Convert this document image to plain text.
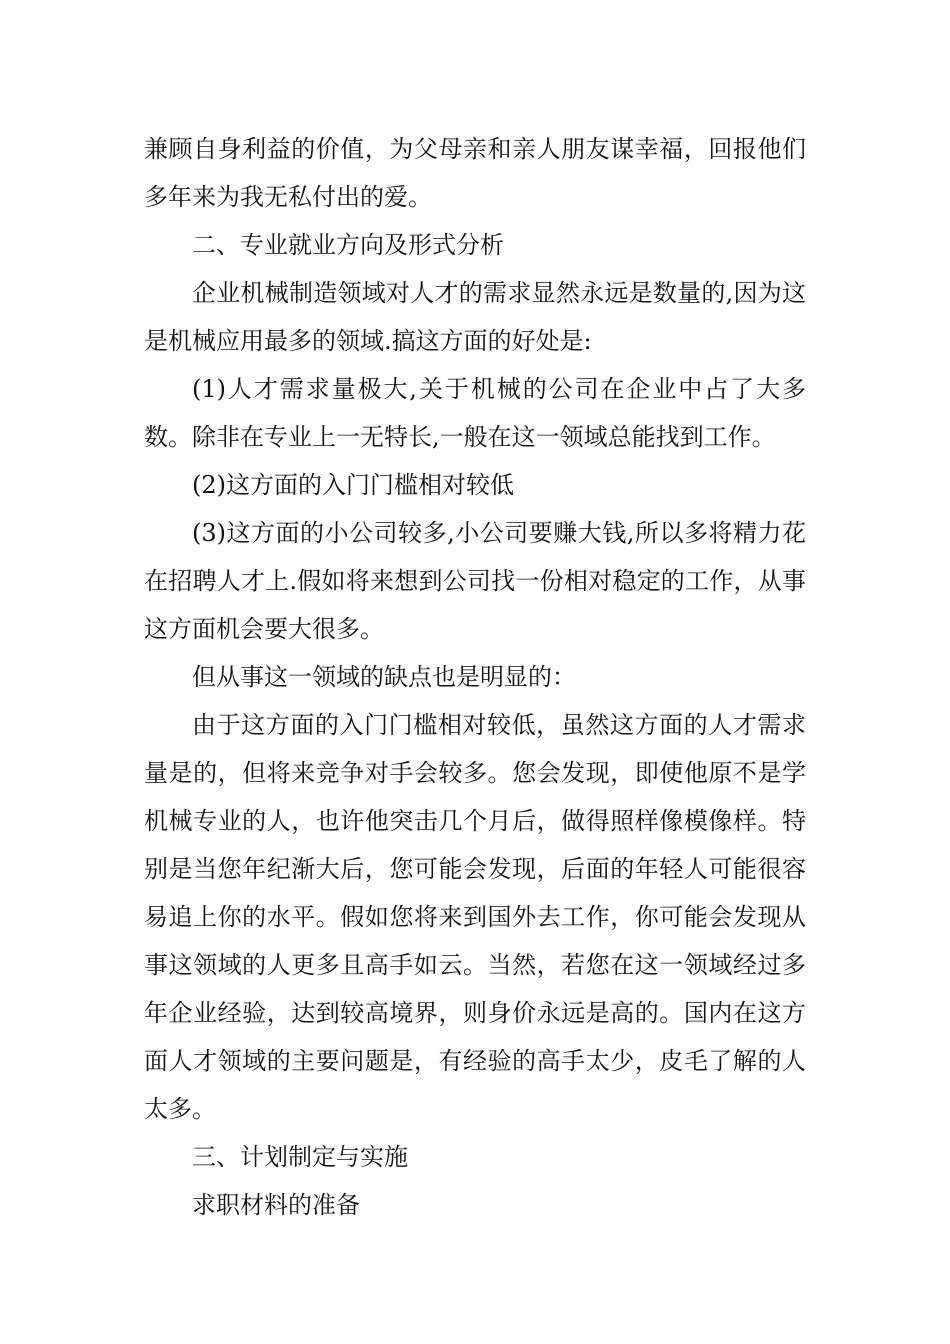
兼顾自身利益的价值，为父母亲和亲人朋友谋幸福，回报他们多年来为我无私付出的爱。

二、专业就业方向及形式分析

企业机械制造领域对人才的需求显然永远是数量的,因为这是机械应用最多的领域.搞这方面的好处是:

(1)人才需求量极大,关于机械的公司在企业中占了大多数。除非在专业上一无特长,一般在这一领域总能找到工作。

(2)这方面的入门门槛相对较低

(3)这方面的小公司较多,小公司要赚大钱,所以多将精力花在招聘人才上.假如将来想到公司找一份相对稳定的工作，从事这方面机会要大很多。

但从事这一领域的缺点也是明显的：

由于这方面的入门门槛相对较低，虽然这方面的人才需求量是的，但将来竞争对手会较多。您会发现，即使他原不是学机械专业的人，也许他突击几个月后，做得照样像模像样。特别是当您年纪渐大后，您可能会发现，后面的年轻人可能很容易追上你的水平。假如您将来到国外去工作，你可能会发现从事这领域的人更多且高手如云。当然，若您在这一领域经过多年企业经验，达到较高境界，则身价永远是高的。国内在这方面人才领域的主要问题是，有经验的高手太少，皮毛了解的人太多。

三、计划制定与实施

求职材料的准备
